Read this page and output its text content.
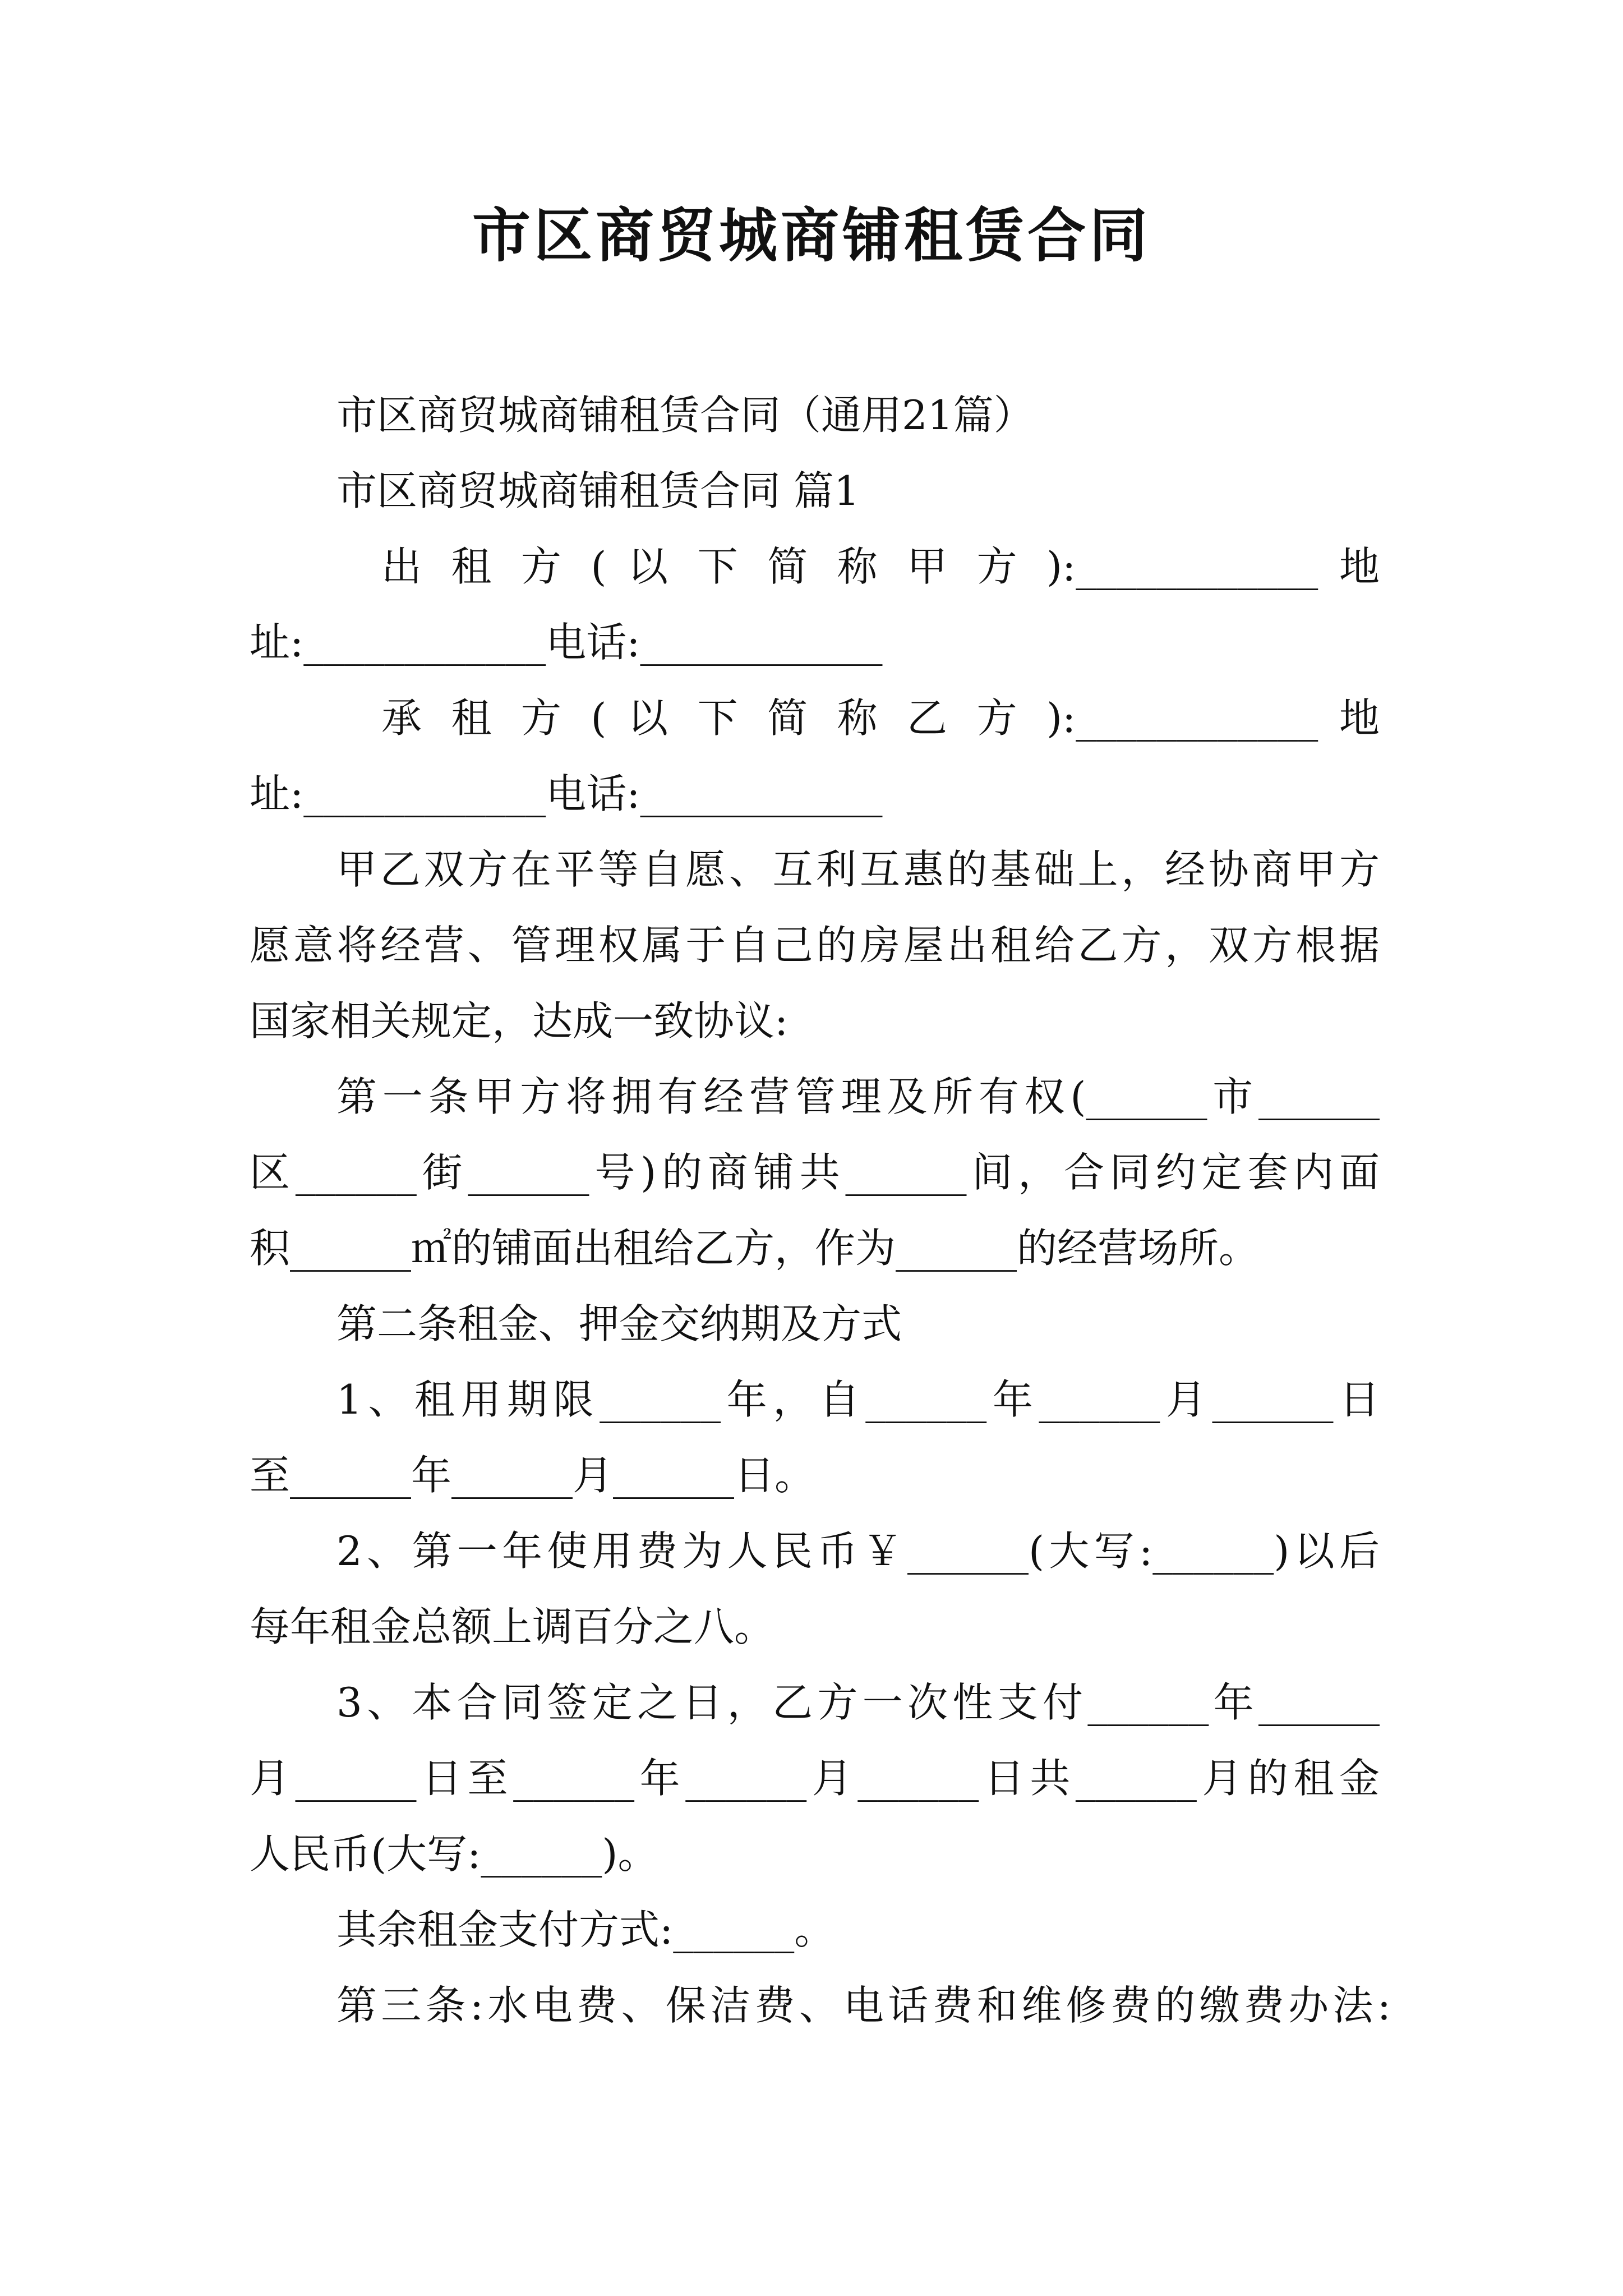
市区商贸城商铺租赁合同
市区商贸城商铺租赁合同（通用21篇）
市区商贸城商铺租赁合同 篇1
出 租 方 ( 以 下 简 称 甲 方 ):____________ 地
址:____________电话:____________
承 租 方 ( 以 下 简 称 乙 方 ):____________ 地
址:____________电话:____________
甲乙双方在平等自愿、互利互惠的基础上，经协商甲方
愿意将经营、管理权属于自己的房屋出租给乙方，双方根据
国家相关规定，达成一致协议:
第一条甲方将拥有经营管理及所有权(______市______
区______街______号)的商铺共______间，合同约定套内面
积______㎡的铺面出租给乙方，作为______的经营场所。
第二条租金、押金交纳期及方式
1、租用期限______年，自______年______月______日
至______年______月______日。
2、第一年使用费为人民币￥______(大写:______)以后
每年租金总额上调百分之八。
3、本合同签定之日，乙方一次性支付______年______
月______日至______年______月______日共______月的租金
人民币(大写:______)。
其余租金支付方式:______。
第三条:水电费、保洁费、电话费和维修费的缴费办法:
